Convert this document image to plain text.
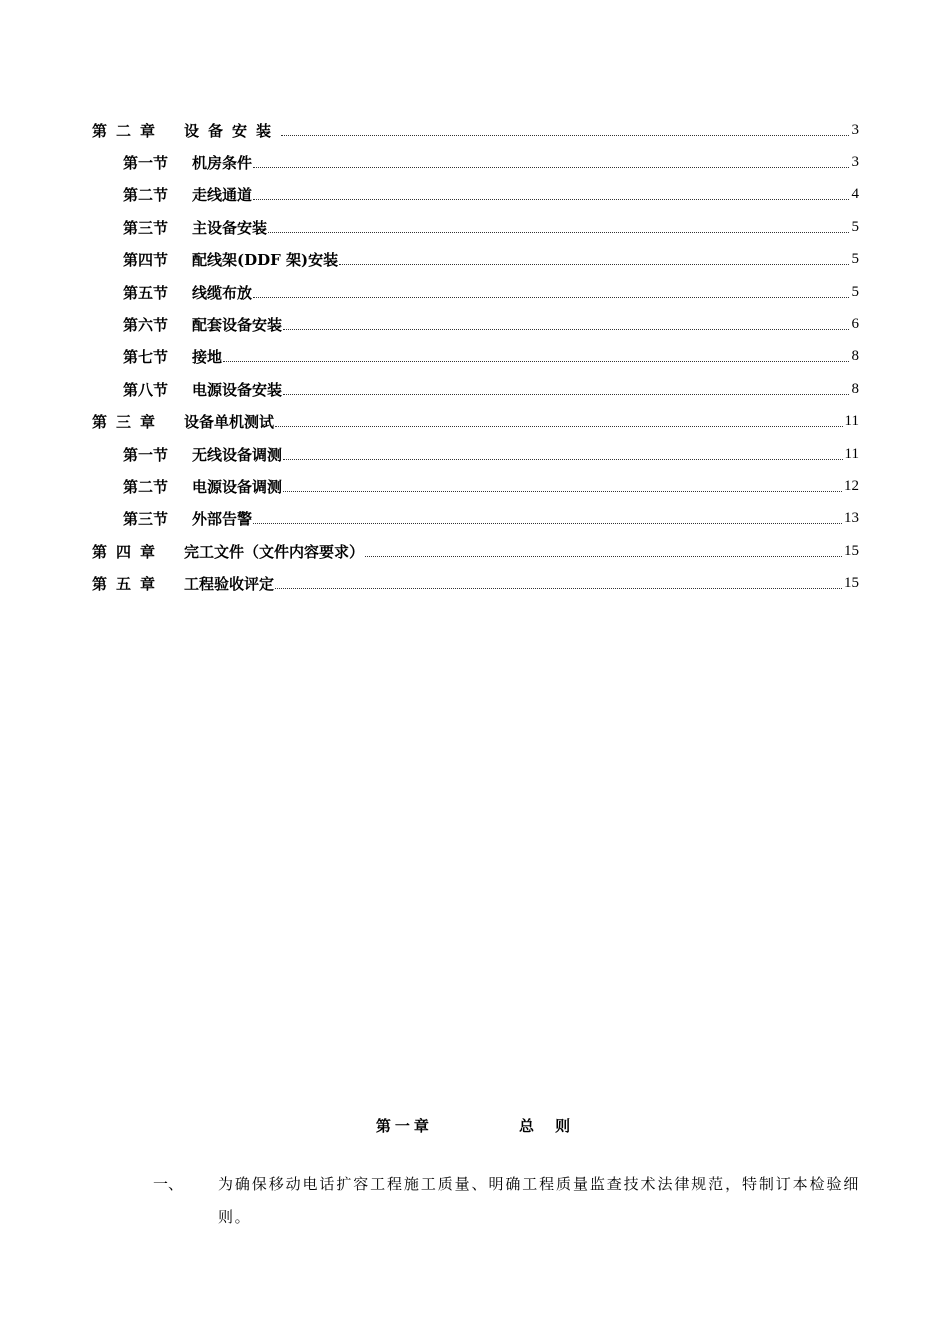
第二章	设备安装	3
第一节	机房条件	3
第二节	走线通道	4
第三节	主设备安装	5
第四节	配线架(DDF 架)安装	5
第五节	线缆布放	5
第六节	配套设备安装	6
第七节	接地	8
第八节	电源设备安装	8
第三章	设备单机测试	11
第一节	无线设备调测	11
第二节	电源设备调测	12
第三节	外部告警	13
第四章	完工文件（文件内容要求）	15
第五章	工程验收评定	15
第一章	总 则
一、 为确保移动电话扩容工程施工质量、明确工程质量监查技术法律规范，特制订本检验细则。
